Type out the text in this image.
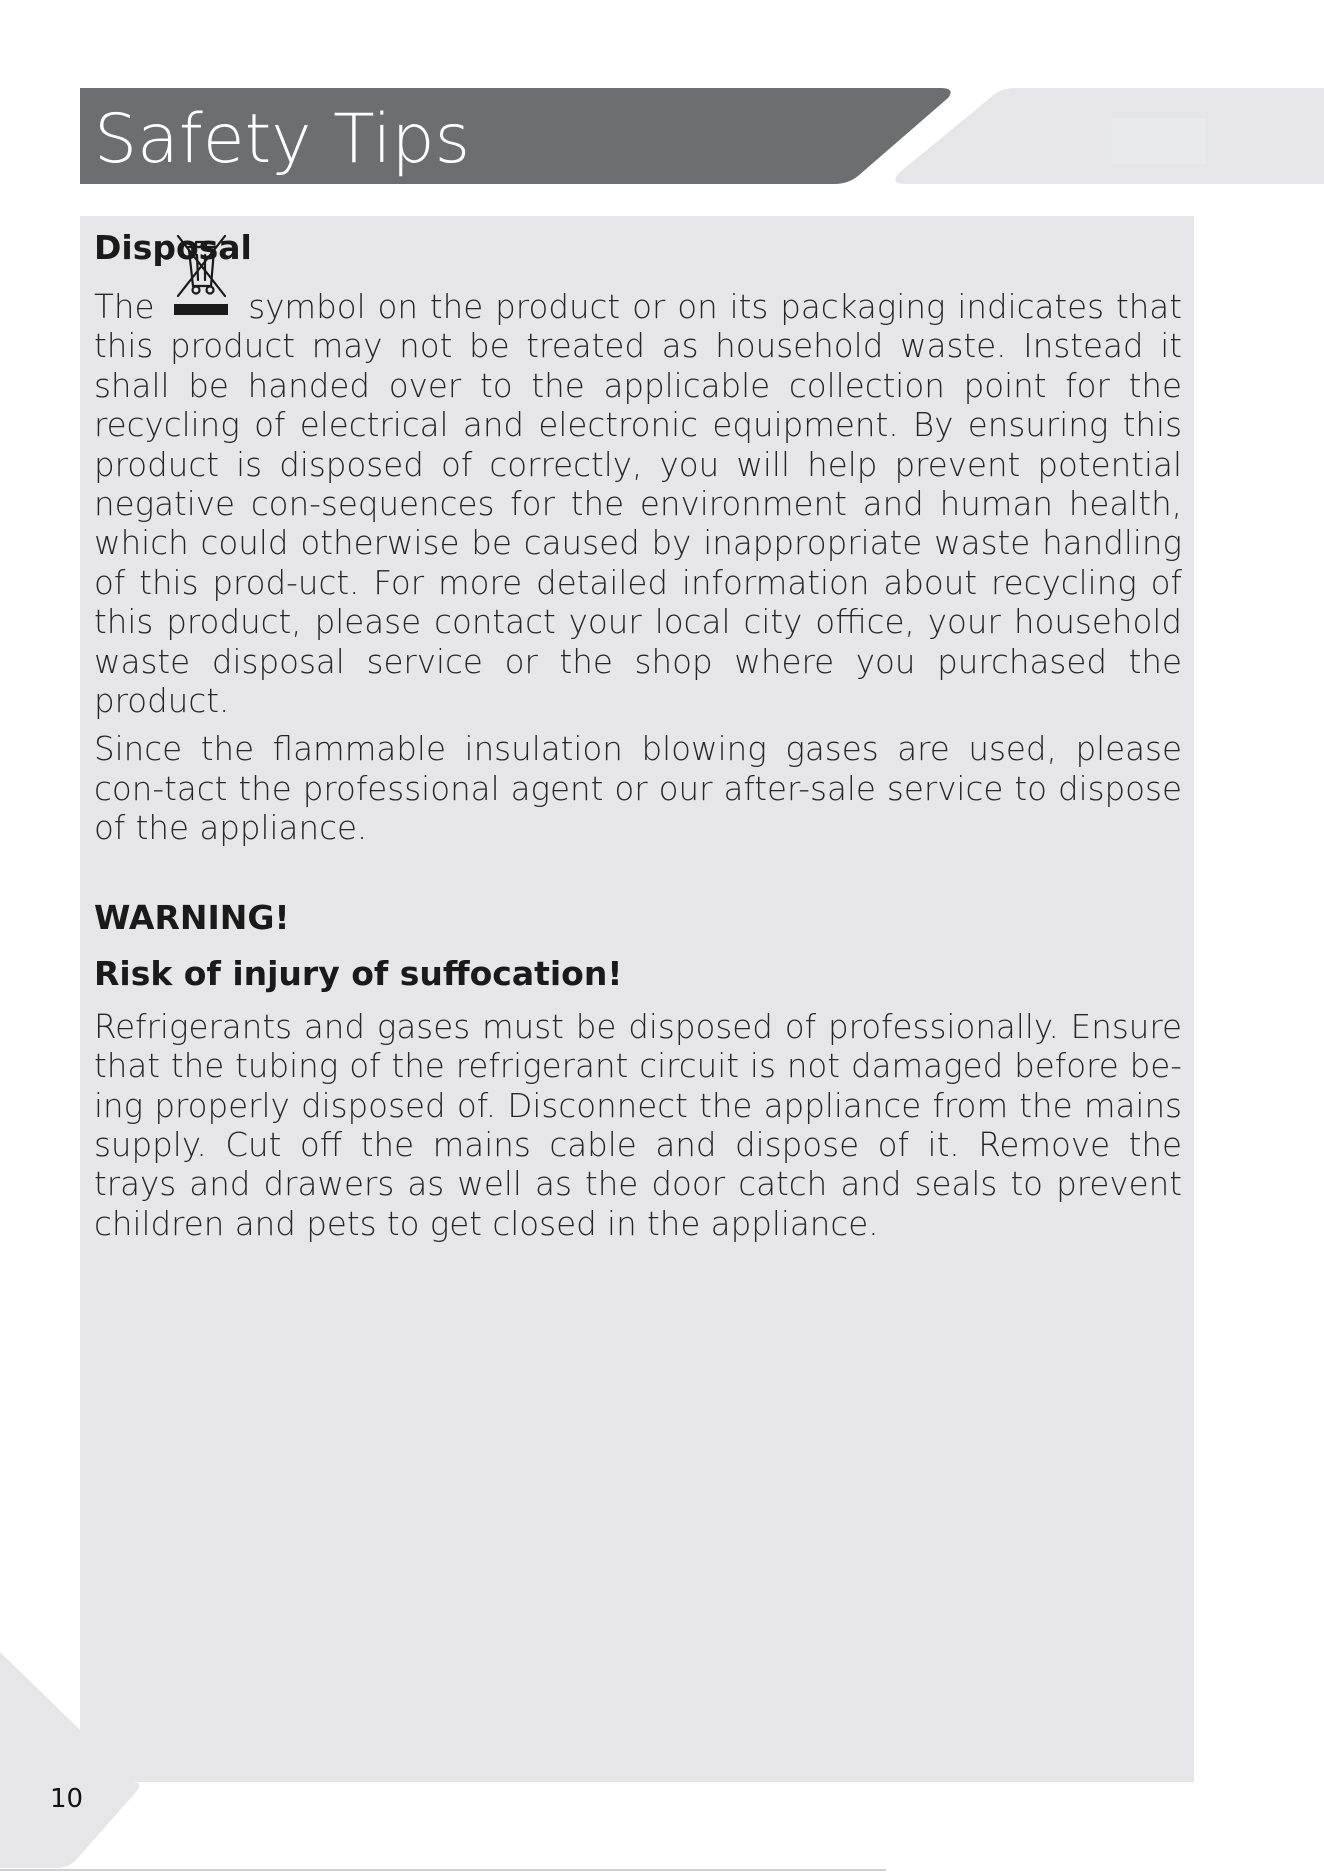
Safety Tips
Disposal

The	symbol on the product or on its packaging indicates that this product may not be treated as household waste. Instead it shall be handed over to the applicable collection point for the recycling of electrical and electronic equipment. By ensuring this product is disposed of correctly, you will help prevent potential negative con-sequences for the environment and human health, which could otherwise be caused by inappropriate waste handling of this prod-uct. For more detailed information about recycling of this product, please contact your local city office, your household waste disposal service or the shop where you purchased the product.

Since the flammable insulation blowing gases are used, please con-tact the professional agent or our after-sale service to dispose of the appliance.

WARNING!
Risk of injury of suffocation!

Refrigerants and gases must be disposed of professionally. Ensure that the tubing of the refrigerant circuit is not damaged before be-ing properly disposed of. Disconnect the appliance from the mains supply. Cut off the mains cable and dispose of it. Remove the trays and drawers as well as the door catch and seals to prevent children and pets to get closed in the appliance.

10
